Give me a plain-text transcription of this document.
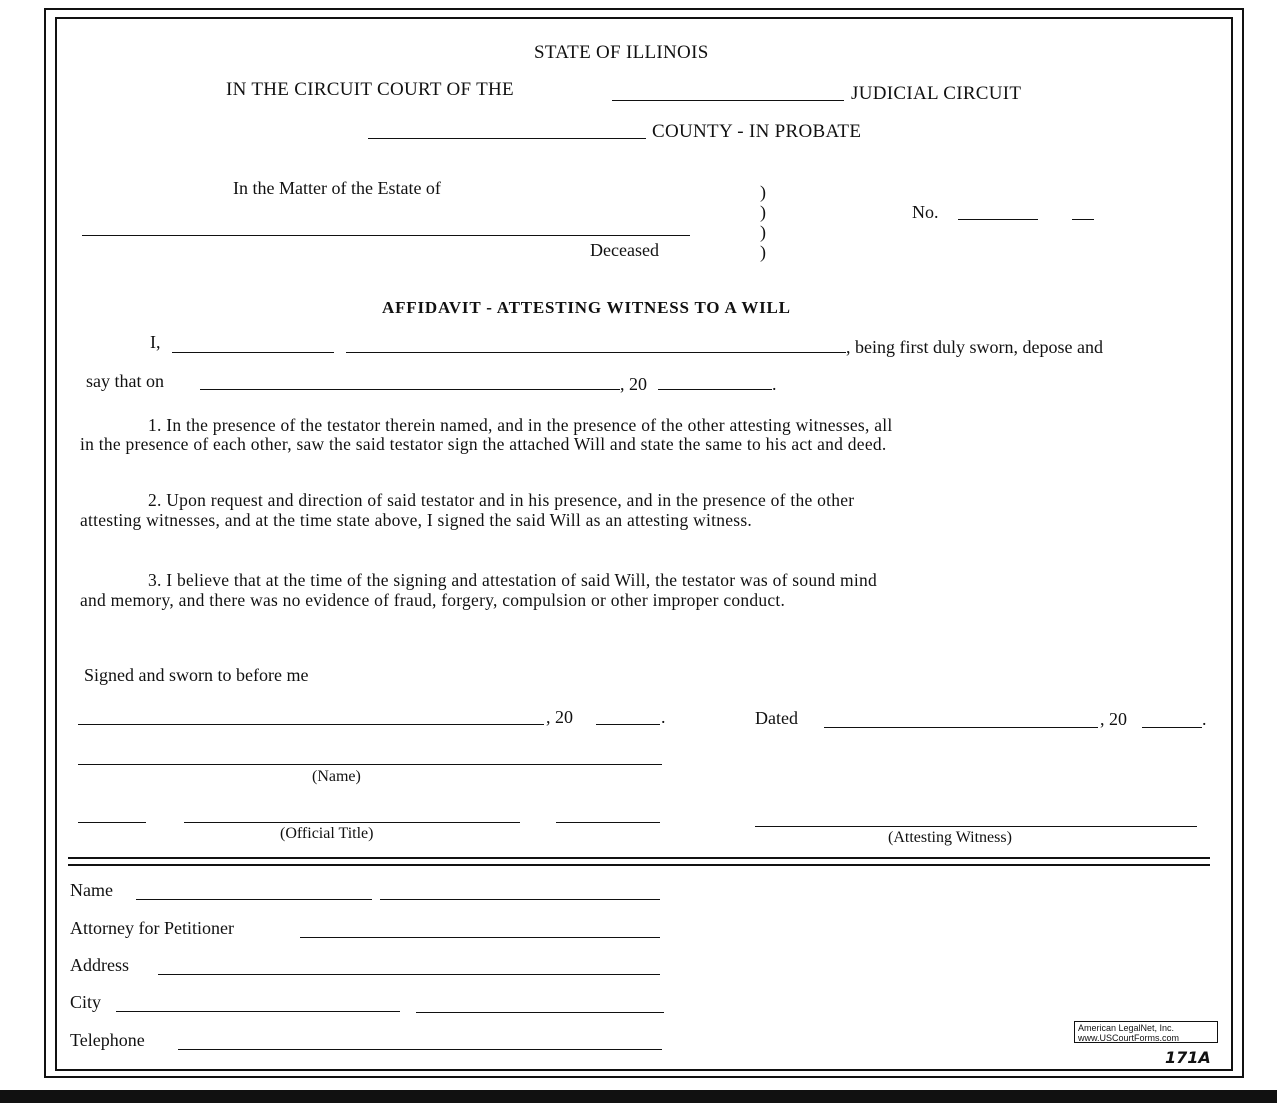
STATE OF ILLINOIS
IN THE CIRCUIT COURT OF THE	JUDICIAL CIRCUIT
COUNTY - IN PROBATE
In the Matter of the Estate of
Deceased
)
)
)
)
No.
AFFIDAVIT - ATTESTING WITNESS TO A WILL
I,	, being first duly sworn, depose and
say that on	, 20	.
1. In the presence of the testator therein named, and in the presence of the other attesting witnesses, all
in the presence of each other, saw the said testator sign the attached Will and state the same to his act and deed.
2. Upon request and direction of said testator and in his presence, and in the presence of the other
attesting witnesses, and at the time state above, I signed the said Will as an attesting witness.
3. I believe that at the time of the signing and attestation of said Will, the testator was of sound mind
and memory, and there was no evidence of fraud, forgery, compulsion or other improper conduct.
Signed and sworn to before me
, 20	.	Dated	, 20	.
(Name)
(Official Title)	(Attesting Witness)
Name
Attorney for Petitioner
Address
City
Telephone
American LegalNet, Inc.
www.USCourtForms.com
171A
